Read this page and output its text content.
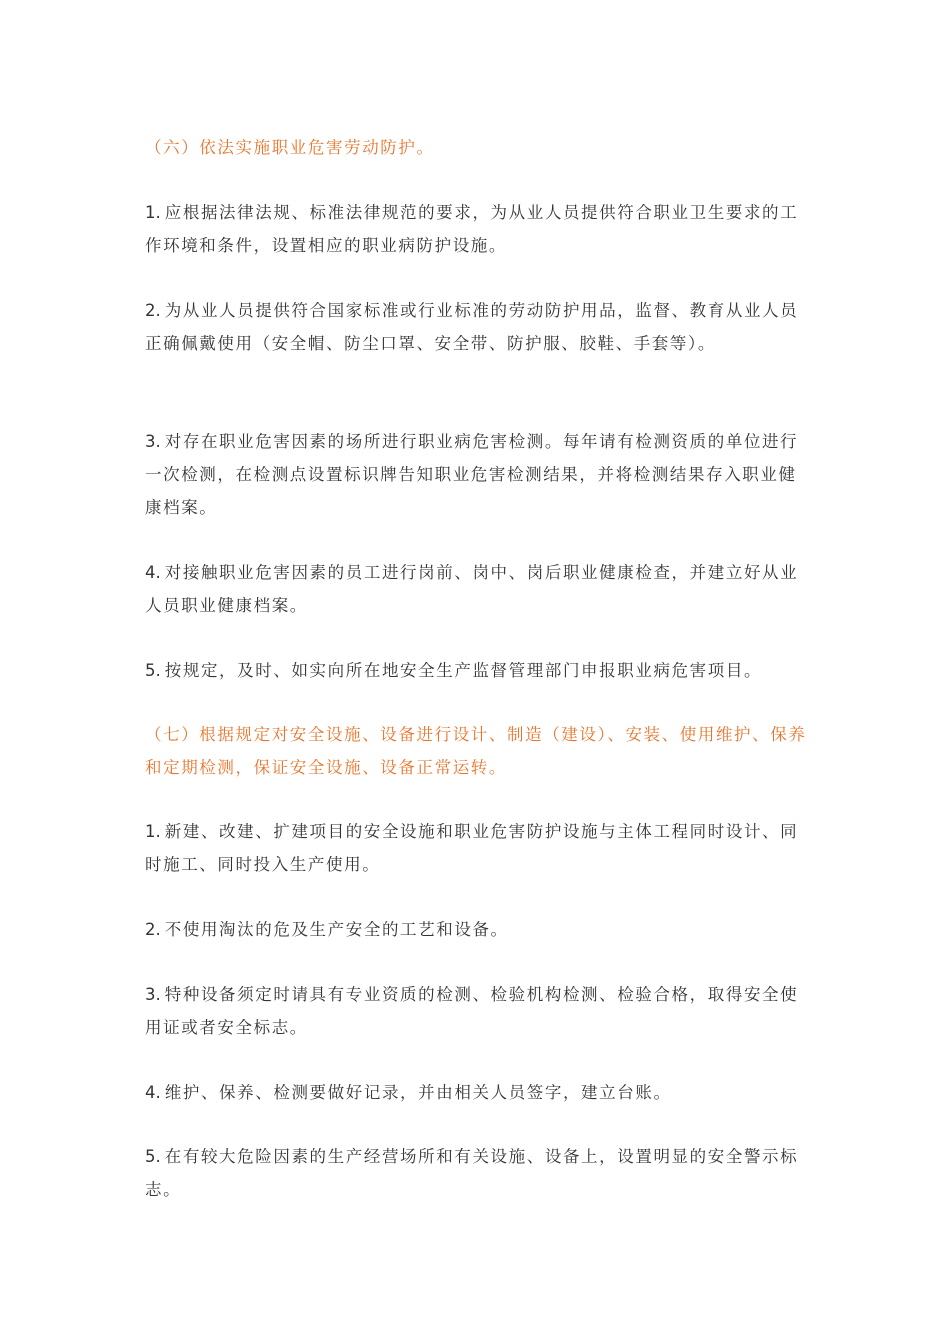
（六）依法实施职业危害劳动防护。

1. 应根据法律法规、标准法律规范的要求，为从业人员提供符合职业卫生要求的工作环境和条件，设置相应的职业病防护设施。

2. 为从业人员提供符合国家标准或行业标准的劳动防护用品，监督、教育从业人员正确佩戴使用（安全帽、防尘口罩、安全带、防护服、胶鞋、手套等）。

3. 对存在职业危害因素的场所进行职业病危害检测。每年请有检测资质的单位进行一次检测，在检测点设置标识牌告知职业危害检测结果，并将检测结果存入职业健康档案。

4. 对接触职业危害因素的员工进行岗前、岗中、岗后职业健康检查，并建立好从业人员职业健康档案。

5. 按规定，及时、如实向所在地安全生产监督管理部门申报职业病危害项目。

（七）根据规定对安全设施、设备进行设计、制造（建设）、安装、使用维护、保养和定期检测，保证安全设施、设备正常运转。

1. 新建、改建、扩建项目的安全设施和职业危害防护设施与主体工程同时设计、同时施工、同时投入生产使用。

2. 不使用淘汰的危及生产安全的工艺和设备。

3. 特种设备须定时请具有专业资质的检测、检验机构检测、检验合格，取得安全使用证或者安全标志。

4. 维护、保养、检测要做好记录，并由相关人员签字，建立台账。

5. 在有较大危险因素的生产经营场所和有关设施、设备上，设置明显的安全警示标志。
